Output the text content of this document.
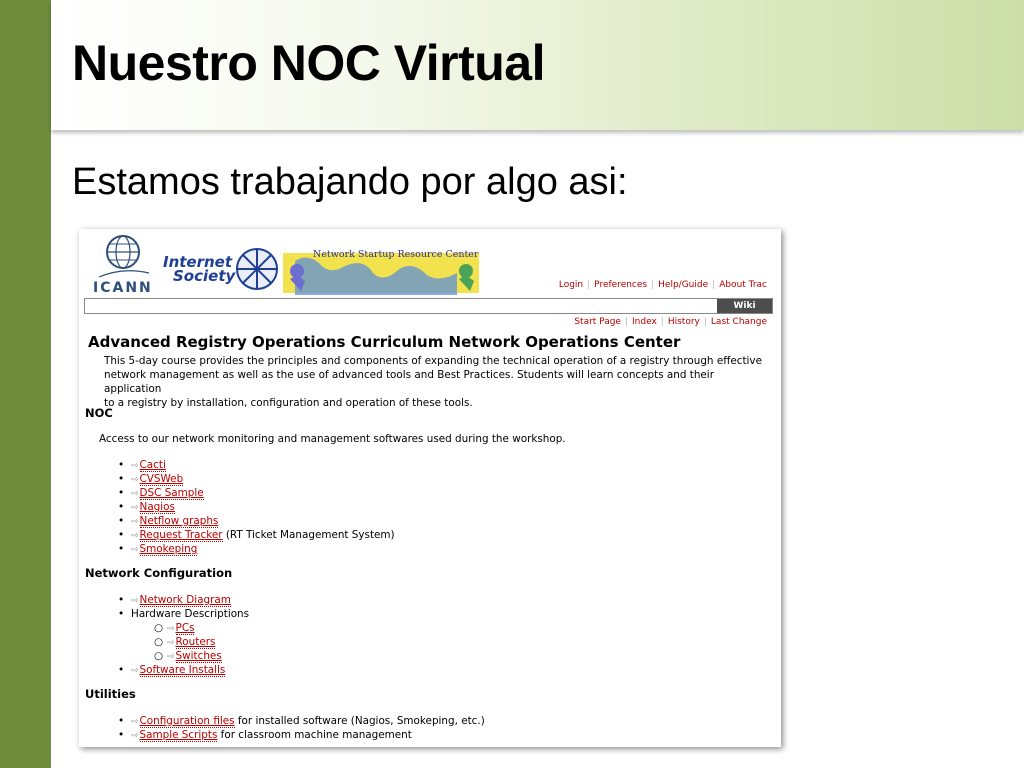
Nuestro NOC Virtual
Estamos trabajando por algo asi:
ICANN
Internet
Society
Network Startup Resource Center
Login | Preferences | Help/Guide | About Trac
Wiki
Start Page | Index | History | Last Change
Advanced Registry Operations Curriculum Network Operations Center
This 5-day course provides the principles and components of expanding the technical operation of a registry through effective
network management as well as the use of advanced tools and Best Practices. Students will learn concepts and their application
to a registry by installation, configuration and operation of these tools.
NOC

Access to our network monitoring and management softwares used during the workshop.

• ⇨Cacti
• ⇨CVSWeb
• ⇨DSC Sample
• ⇨Nagios
• ⇨Netflow graphs
• ⇨Request Tracker (RT Ticket Management System)
• ⇨Smokeping
Network Configuration
• ⇨Network Diagram
• Hardware Descriptions
○ ⇨PCs
○ ⇨Routers
○ ⇨Switches
• ⇨Software Installs
Utilities
• ⇨Configuration files for installed software (Nagios, Smokeping, etc.)
• ⇨Sample Scripts for classroom machine management
